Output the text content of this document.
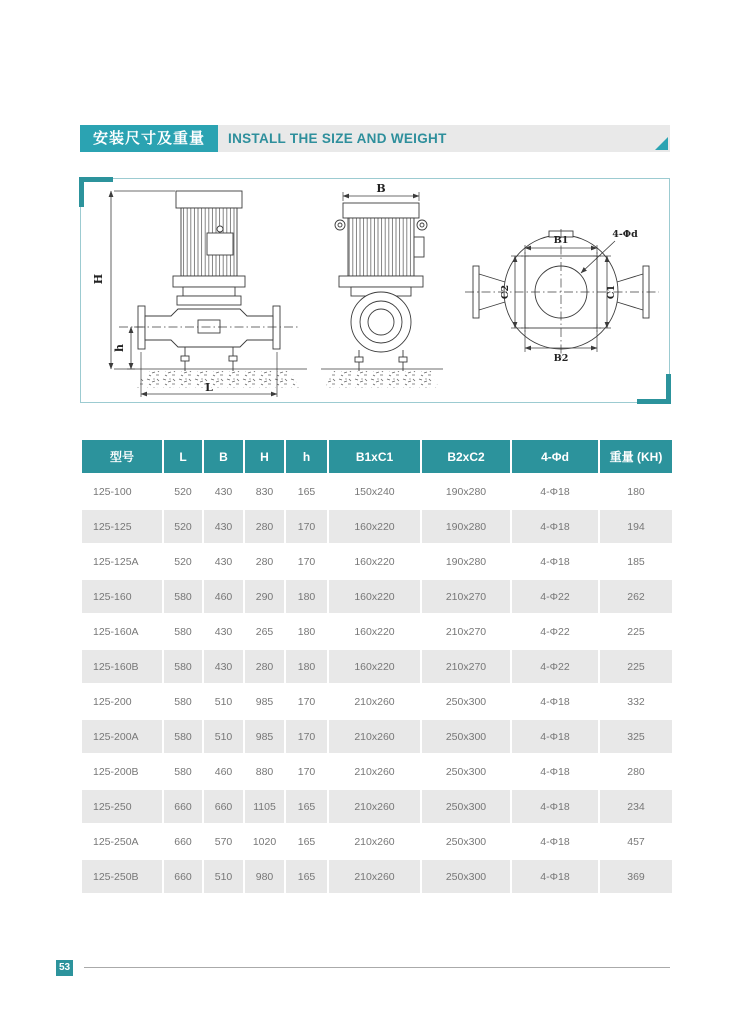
安装尺寸及重量	INSTALL THE SIZE AND WEIGHT
H
h
L
B
B1
B2
C2	C1
4-Φd
型号	L	B	H	h	B1xC1	B2xC2	4-Φd	重量 (KH)
125-100	520	430	830	165	150x240	190x280	4-Φ18	180
125-125	520	430	280	170	160x220	190x280	4-Φ18	194
125-125A	520	430	280	170	160x220	190x280	4-Φ18	185
125-160	580	460	290	180	160x220	210x270	4-Φ22	262
125-160A	580	430	265	180	160x220	210x270	4-Φ22	225
125-160B	580	430	280	180	160x220	210x270	4-Φ22	225
125-200	580	510	985	170	210x260	250x300	4-Φ18	332
125-200A	580	510	985	170	210x260	250x300	4-Φ18	325
125-200B	580	460	880	170	210x260	250x300	4-Φ18	280
125-250	660	660	1105	165	210x260	250x300	4-Φ18	234
125-250A	660	570	1020	165	210x260	250x300	4-Φ18	457
125-250B	660	510	980	165	210x260	250x300	4-Φ18	369
53
